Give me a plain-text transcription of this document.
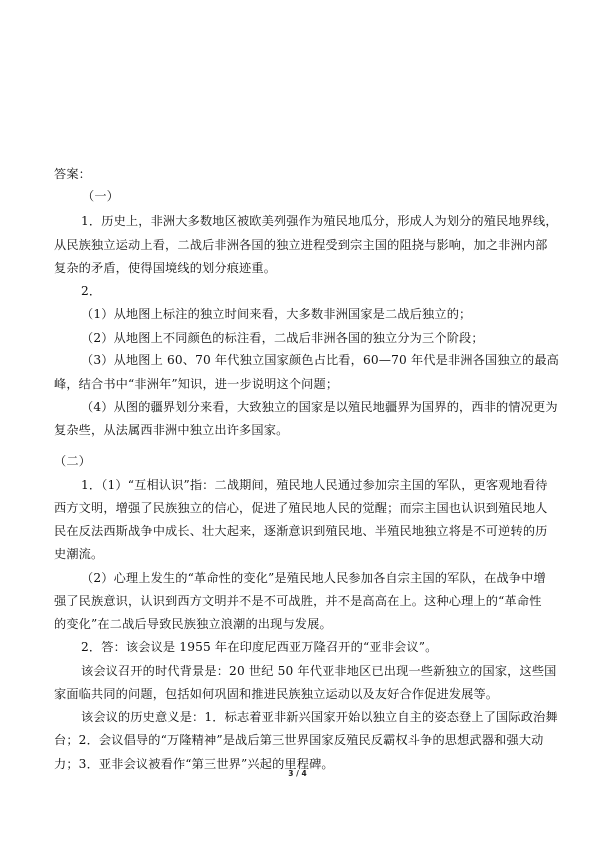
答案：
（一）
1．历史上，非洲大多数地区被欧美列强作为殖民地瓜分，形成人为划分的殖民地界线，
从民族独立运动上看，二战后非洲各国的独立进程受到宗主国的阻挠与影响，加之非洲内部
复杂的矛盾，使得国境线的划分痕迹重。
2．
（1）从地图上标注的独立时间来看，大多数非洲国家是二战后独立的；
（2）从地图上不同颜色的标注看，二战后非洲各国的独立分为三个阶段；
（3）从地图上 60、70 年代独立国家颜色占比看，60—70 年代是非洲各国独立的最高
峰，结合书中“非洲年”知识，进一步说明这个问题；
（4）从图的疆界划分来看，大致独立的国家是以殖民地疆界为国界的，西非的情况更为
复杂些，从法属西非洲中独立出许多国家。
（二）
1．（1）“互相认识”指：二战期间，殖民地人民通过参加宗主国的军队，更客观地看待
西方文明，增强了民族独立的信心，促进了殖民地人民的觉醒；而宗主国也认识到殖民地人
民在反法西斯战争中成长、壮大起来，逐渐意识到殖民地、半殖民地独立将是不可逆转的历
史潮流。
（2）心理上发生的“革命性的变化”是殖民地人民参加各自宗主国的军队，在战争中增
强了民族意识，认识到西方文明并不是不可战胜，并不是高高在上。这种心理上的“革命性
的变化”在二战后导致民族独立浪潮的出现与发展。
2．答：该会议是 1955 年在印度尼西亚万隆召开的“亚非会议”。
该会议召开的时代背景是：20 世纪 50 年代亚非地区已出现一些新独立的国家，这些国
家面临共同的问题，包括如何巩固和推进民族独立运动以及友好合作促进发展等。
该会议的历史意义是：1．标志着亚非新兴国家开始以独立自主的姿态登上了国际政治舞
台；2．会议倡导的“万隆精神”是战后第三世界国家反殖民反霸权斗争的思想武器和强大动
力；3．亚非会议被看作“第三世界”兴起的里程碑。
3 / 4
